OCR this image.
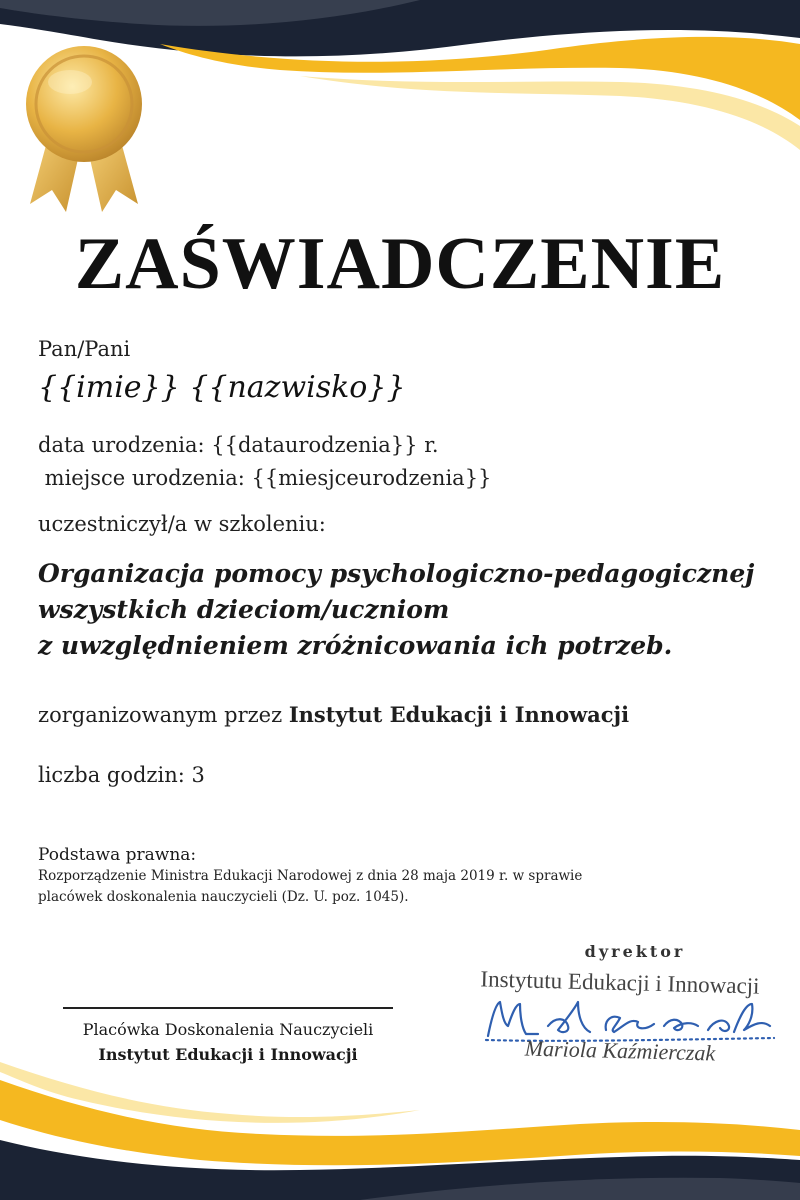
ZAŚWIADCZENIE
Pan/Pani
{{imie}} {{nazwisko}}
data urodzenia: {{dataurodzenia}} r.
miejsce urodzenia: {{miesjceurodzenia}}
uczestniczył/a w szkoleniu:
Organizacja pomocy psychologiczno-pedagogicznej
wszystkich dzieciom/uczniom
z uwzględnieniem zróżnicowania ich potrzeb.
zorganizowanym przez Instytut Edukacji i Innowacji
liczba godzin: 3
Podstawa prawna:
Rozporządzenie Ministra Edukacji Narodowej z dnia 28 maja 2019 r. w sprawie
placówek doskonalenia nauczycieli (Dz. U. poz. 1045).
Placówka Doskonalenia Nauczycieli
Instytut Edukacji i Innowacji
dyrektor
Instytutu Edukacji i Innowacji
Mariola Kaźmierczak
